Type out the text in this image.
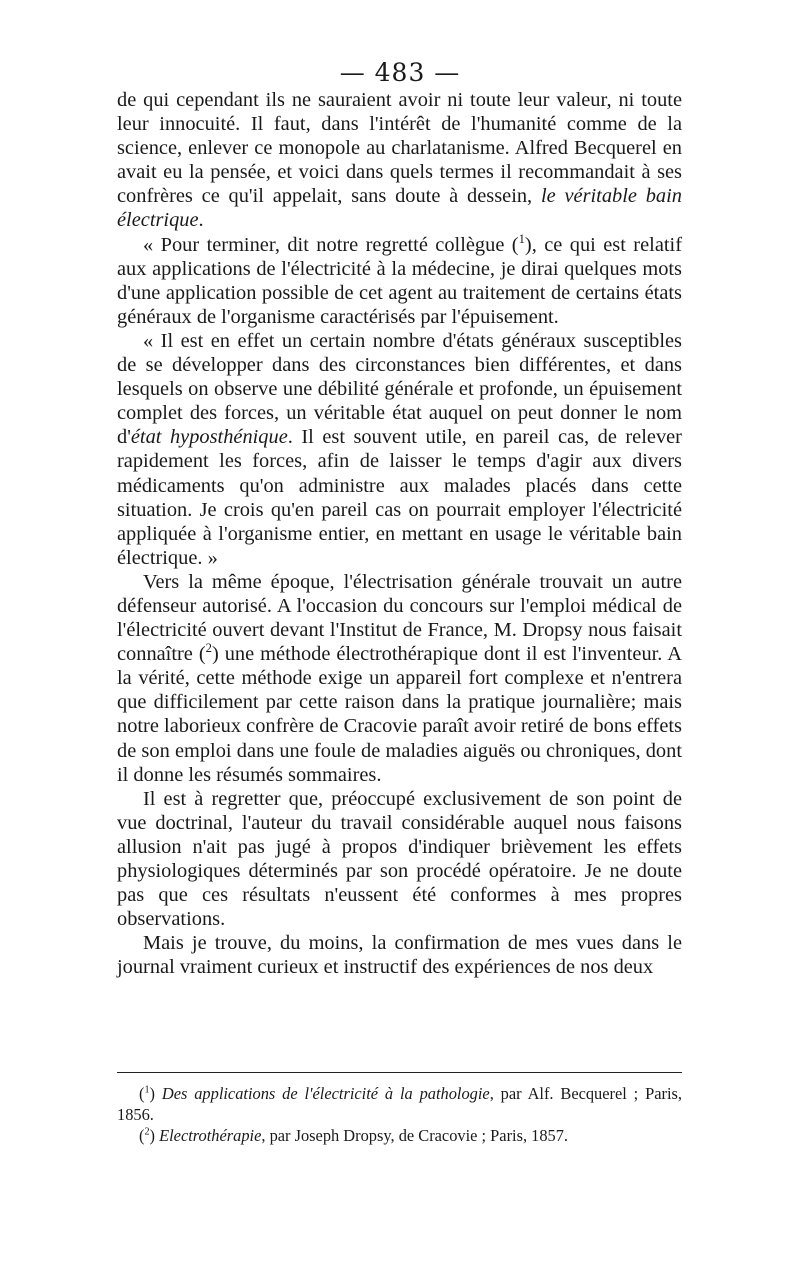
— 483 —

de qui cependant ils ne sauraient avoir ni toute leur valeur, ni toute leur innocuité. Il faut, dans l'intérêt de l'humanité comme de la science, enlever ce monopole au charlatanisme. Alfred Becquerel en avait eu la pensée, et voici dans quels termes il recommandait à ses confrères ce qu'il appelait, sans doute à dessein, le véritable bain électrique.

« Pour terminer, dit notre regretté collègue ($^1$), ce qui est relatif aux applications de l'électricité à la médecine, je dirai quelques mots d'une application possible de cet agent au traitement de certains états généraux de l'organisme caractérisés par l'épuisement.

« Il est en effet un certain nombre d'états généraux susceptibles de se développer dans des circonstances bien différentes, et dans lesquels on observe une débilité générale et profonde, un épuisement complet des forces, un véritable état auquel on peut donner le nom d'état hyposthénique. Il est souvent utile, en pareil cas, de relever rapidement les forces, afin de laisser le temps d'agir aux divers médicaments qu'on administre aux malades placés dans cette situation. Je crois qu'en pareil cas on pourrait employer l'électricité appliquée à l'organisme entier, en mettant en usage le véritable bain électrique. »

Vers la même époque, l'électrisation générale trouvait un autre défenseur autorisé. A l'occasion du concours sur l'emploi médical de l'électricité ouvert devant l'Institut de France, M. Dropsy nous faisait connaître ($^2$) une méthode électrothérapique dont il est l'inventeur. A la vérité, cette méthode exige un appareil fort complexe et n'entrera que difficilement par cette raison dans la pratique journalière; mais notre laborieux confrère de Cracovie paraît avoir retiré de bons effets de son emploi dans une foule de maladies aiguës ou chroniques, dont il donne les résumés sommaires.

Il est à regretter que, préoccupé exclusivement de son point de vue doctrinal, l'auteur du travail considérable auquel nous faisons allusion n'ait pas jugé à propos d'indiquer brièvement les effets physiologiques déterminés par son procédé opératoire. Je ne doute pas que ces résultats n'eussent été conformes à mes propres observations.

Mais je trouve, du moins, la confirmation de mes vues dans le journal vraiment curieux et instructif des expériences de nos deux

($^1$) Des applications de l'électricité à la pathologie, par Alf. Becquerel ; Paris, 1856.

($^2$) Electrothérapie, par Joseph Dropsy, de Cracovie ; Paris, 1857.
